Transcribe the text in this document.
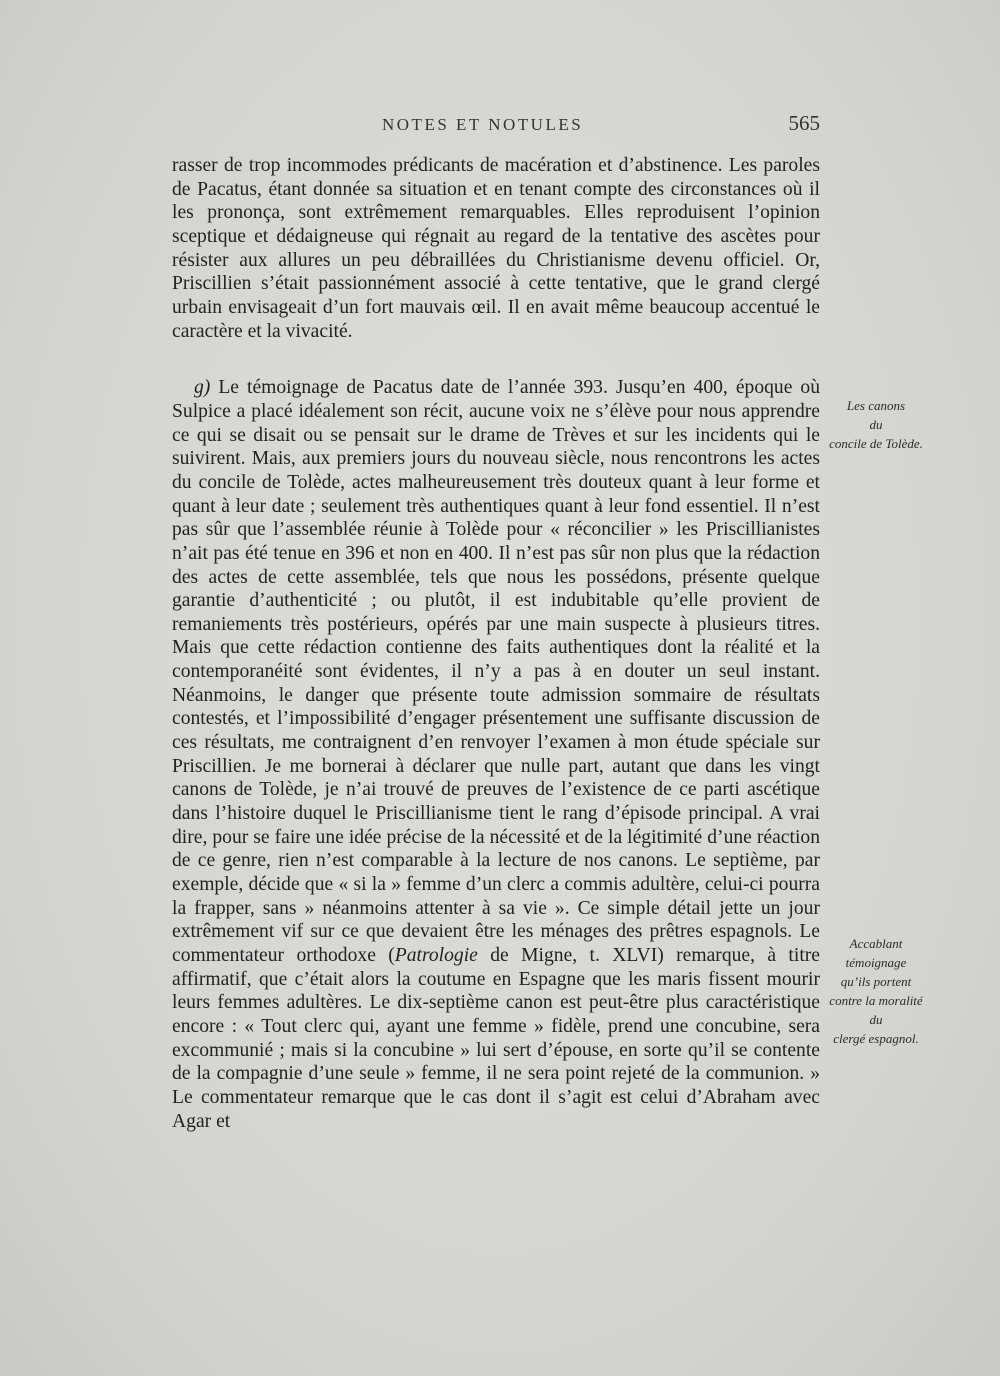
NOTES ET NOTULES	565

rasser de trop incommodes prédicants de macération et d’abstinence. Les paroles de Pacatus, étant donnée sa situation et en tenant compte des circonstances où il les prononça, sont extrêmement remarquables. Elles reproduisent l’opinion sceptique et dédaigneuse qui régnait au regard de la tentative des ascètes pour résister aux allures un peu débraillées du Christianisme devenu officiel. Or, Priscillien s’était passionnément associé à cette tentative, que le grand clergé urbain envisageait d’un fort mauvais œil. Il en avait même beaucoup accentué le caractère et la vivacité.

g) Le témoignage de Pacatus date de l’année 393. Jusqu’en 400, époque où Sulpice a placé idéalement son récit, aucune voix ne s’élève pour nous apprendre ce qui se disait ou se pensait sur le drame de Trèves et sur les incidents qui le suivirent. Mais, aux premiers jours du nouveau siècle, nous rencontrons les actes du concile de Tolède, actes malheureusement très douteux quant à leur forme et quant à leur date ; seulement très authentiques quant à leur fond essentiel. Il n’est pas sûr que l’assemblée réunie à Tolède pour « réconcilier » les Priscillianistes n’ait pas été tenue en 396 et non en 400. Il n’est pas sûr non plus que la rédaction des actes de cette assemblée, tels que nous les possédons, présente quelque garantie d’authenticité ; ou plutôt, il est indubitable qu’elle provient de remaniements très postérieurs, opérés par une main suspecte à plusieurs titres. Mais que cette rédaction contienne des faits authentiques dont la réalité et la contemporanéité sont évidentes, il n’y a pas à en douter un seul instant. Néanmoins, le danger que présente toute admission sommaire de résultats contestés, et l’impossibilité d’engager présentement une suffisante discussion de ces résultats, me contraignent d’en renvoyer l’examen à mon étude spéciale sur Priscillien. Je me bornerai à déclarer que nulle part, autant que dans les vingt canons de Tolède, je n’ai trouvé de preuves de l’existence de ce parti ascétique dans l’histoire duquel le Priscillianisme tient le rang d’épisode principal. A vrai dire, pour se faire une idée précise de la nécessité et de la légitimité d’une réaction de ce genre, rien n’est comparable à la lecture de nos canons. Le septième, par exemple, décide que « si la » femme d’un clerc a commis adultère, celui-ci pourra la frapper, sans » néanmoins attenter à sa vie ». Ce simple détail jette un jour extrêmement vif sur ce que devaient être les ménages des prêtres espagnols. Le commentateur orthodoxe (Patrologie de Migne, t. XLVI) remarque, à titre affirmatif, que c’était alors la coutume en Espagne que les maris fissent mourir leurs femmes adultères. Le dix-septième canon est peut-être plus caractéristique encore : « Tout clerc qui, ayant une femme » fidèle, prend une concubine, sera excommunié ; mais si la concubine » lui sert d’épouse, en sorte qu’il se contente de la compagnie d’une seule » femme, il ne sera point rejeté de la communion. » Le commentateur remarque que le cas dont il s’agit est celui d’Abraham avec Agar et

Les canons
du
concile de Tolède.
Accablant
témoignage
qu’ils portent
contre la moralité
du
clergé espagnol.
